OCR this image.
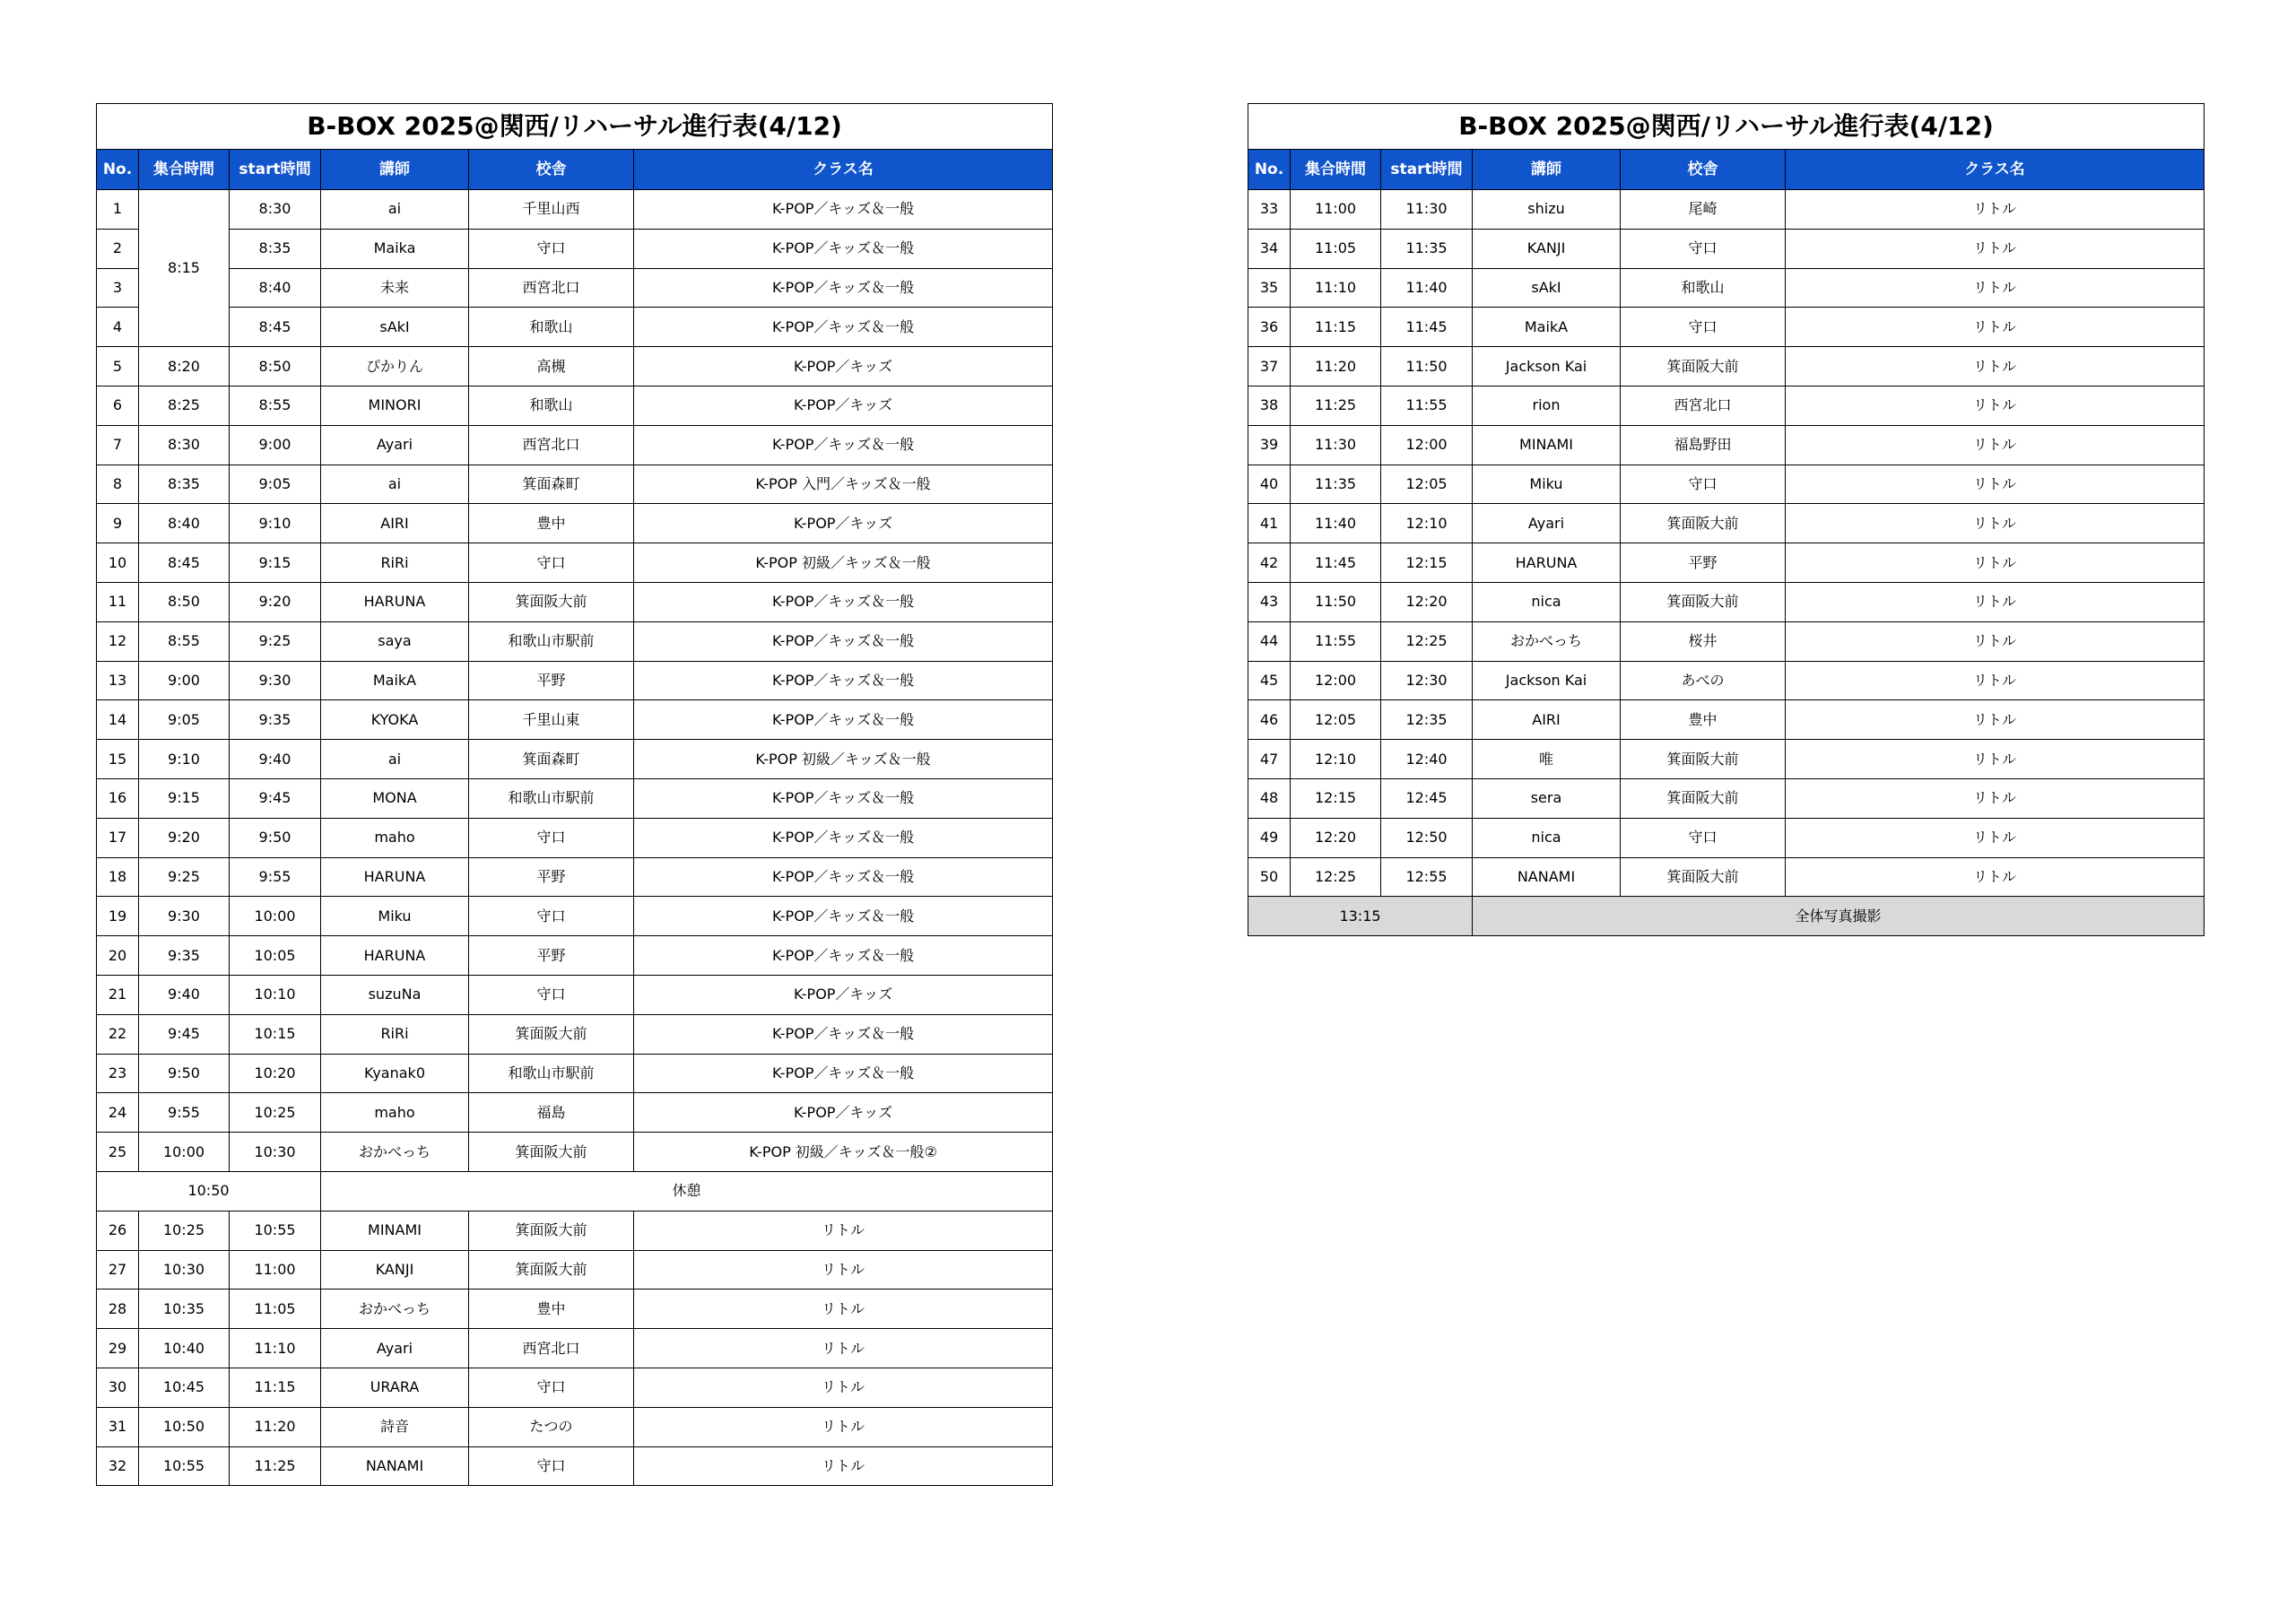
B-BOX 2025@関西/リハーサル進行表(4/12)					
No.	集合時間	start時間	講師	校舎	クラス名
1	8:15	8:30	ai	千里山西	K-POP／キッズ＆一般
2		8:35	Maika	守口	K-POP／キッズ＆一般
3		8:40	未来	西宮北口	K-POP／キッズ＆一般
4		8:45	sAkI	和歌山	K-POP／キッズ＆一般
5	8:20	8:50	ぴかりん	高槻	K-POP／キッズ
6	8:25	8:55	MINORI	和歌山	K-POP／キッズ
7	8:30	9:00	Ayari	西宮北口	K-POP／キッズ＆一般
8	8:35	9:05	ai	箕面森町	K-POP 入門／キッズ＆一般
9	8:40	9:10	AIRI	豊中	K-POP／キッズ
10	8:45	9:15	RiRi	守口	K-POP 初級／キッズ＆一般
11	8:50	9:20	HARUNA	箕面阪大前	K-POP／キッズ＆一般
12	8:55	9:25	saya	和歌山市駅前	K-POP／キッズ＆一般
13	9:00	9:30	MaikA	平野	K-POP／キッズ＆一般
14	9:05	9:35	KYOKA	千里山東	K-POP／キッズ＆一般
15	9:10	9:40	ai	箕面森町	K-POP 初級／キッズ＆一般
16	9:15	9:45	MONA	和歌山市駅前	K-POP／キッズ＆一般
17	9:20	9:50	maho	守口	K-POP／キッズ＆一般
18	9:25	9:55	HARUNA	平野	K-POP／キッズ＆一般
19	9:30	10:00	Miku	守口	K-POP／キッズ＆一般
20	9:35	10:05	HARUNA	平野	K-POP／キッズ＆一般
21	9:40	10:10	suzuNa	守口	K-POP／キッズ
22	9:45	10:15	RiRi	箕面阪大前	K-POP／キッズ＆一般
23	9:50	10:20	Kyanak0	和歌山市駅前	K-POP／キッズ＆一般
24	9:55	10:25	maho	福島	K-POP／キッズ
25	10:00	10:30	おかべっち	箕面阪大前	K-POP 初級／キッズ＆一般②
10:50			休憩		
26	10:25	10:55	MINAMI	箕面阪大前	リトル
27	10:30	11:00	KANJI	箕面阪大前	リトル
28	10:35	11:05	おかべっち	豊中	リトル
29	10:40	11:10	Ayari	西宮北口	リトル
30	10:45	11:15	URARA	守口	リトル
31	10:50	11:20	詩音	たつの	リトル
32	10:55	11:25	NANAMI	守口	リトル
B-BOX 2025@関西/リハーサル進行表(4/12)					
No.	集合時間	start時間	講師	校舎	クラス名
33	11:00	11:30	shizu	尾崎	リトル
34	11:05	11:35	KANJI	守口	リトル
35	11:10	11:40	sAkI	和歌山	リトル
36	11:15	11:45	MaikA	守口	リトル
37	11:20	11:50	Jackson Kai	箕面阪大前	リトル
38	11:25	11:55	rion	西宮北口	リトル
39	11:30	12:00	MINAMI	福島野田	リトル
40	11:35	12:05	Miku	守口	リトル
41	11:40	12:10	Ayari	箕面阪大前	リトル
42	11:45	12:15	HARUNA	平野	リトル
43	11:50	12:20	nica	箕面阪大前	リトル
44	11:55	12:25	おかべっち	桜井	リトル
45	12:00	12:30	Jackson Kai	あべの	リトル
46	12:05	12:35	AIRI	豊中	リトル
47	12:10	12:40	唯	箕面阪大前	リトル
48	12:15	12:45	sera	箕面阪大前	リトル
49	12:20	12:50	nica	守口	リトル
50	12:25	12:55	NANAMI	箕面阪大前	リトル
13:15			全体写真撮影		
